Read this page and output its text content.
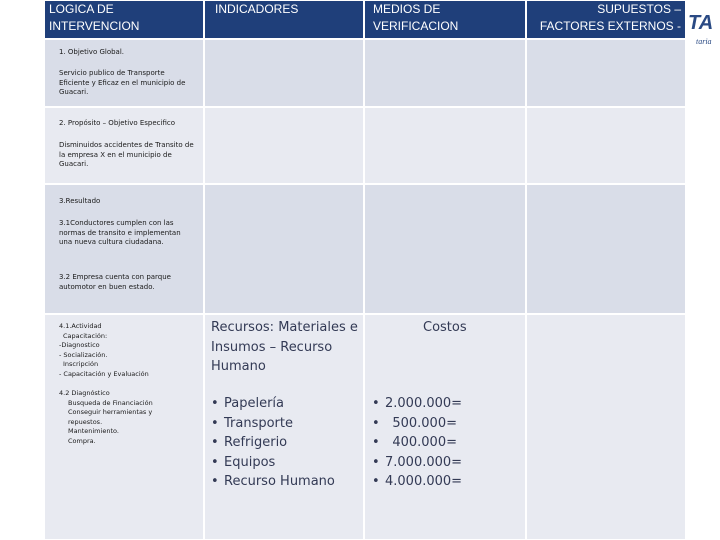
LOGICA DE INTERVENCION
INDICADORES	MEDIOS DE VERIFICACION
SUPUESTOS – FACTORES EXTERNOS - TA
taria
1. Objetivo Global.
Servicio publico de Transporte Eficiente y Eficaz en el municipio de Guacari.
2. Propósito – Objetivo Especifico
Disminuidos accidentes de Transito de la empresa X en el municipio de Guacari.
3.Resultado
3.1Conductores cumplen con las normas de transito e implementan una nueva cultura ciudadana.
3.2 Empresa cuenta con parque automotor en buen estado.
4.1.Actividad
Capacitación:
-Diagnostico
- Socialización.
Inscripción
- Capacitación y Evaluación
4.2 Diagnóstico
Busqueda de Financiación
Conseguir herramientas y
repuestos.
Mantenimiento.
Compra.
Recursos: Materiales e Insumos – Recurso Humano
• Papelería
• Transporte
• Refrigerio
• Equipos
• Recurso Humano
Costos
• 2.000.000=
• 500.000=
• 400.000=
• 7.000.000=
• 4.000.000=
